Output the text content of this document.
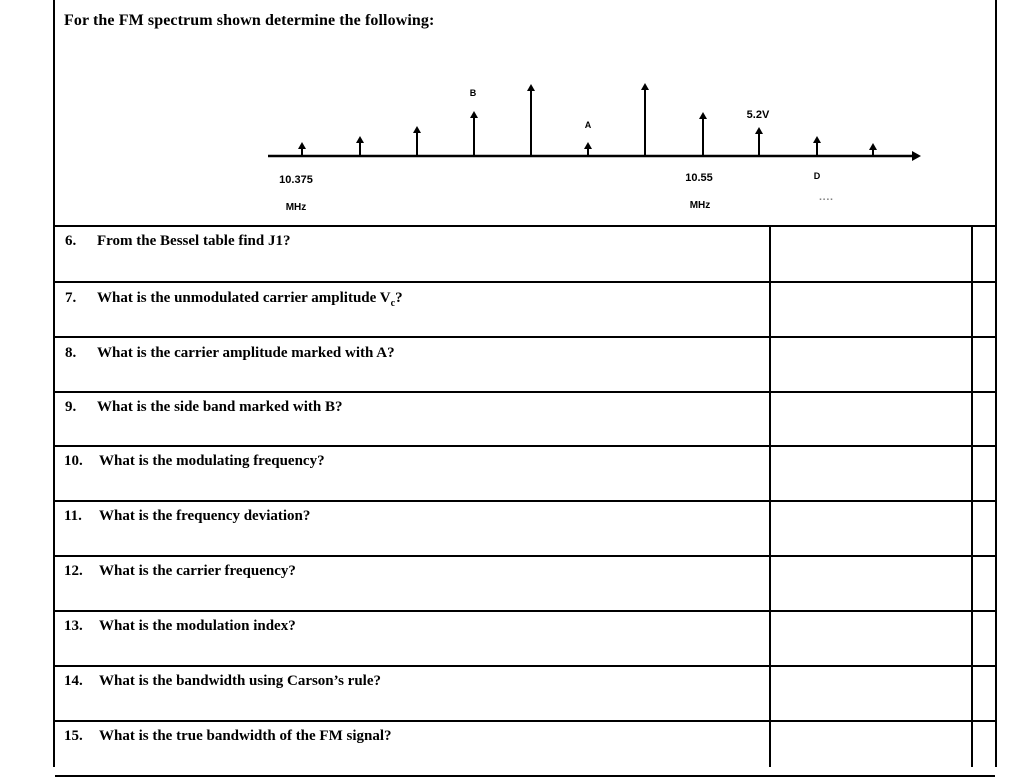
For the FM spectrum shown determine the following:
B
A
5.2V
10.375
MHz
10.55
MHz
D
- - - -
6. From the Bessel table find J1?
7. What is the unmodulated carrier amplitude $V_c$?
8. What is the carrier amplitude marked with A?
9. What is the side band marked with B?
10. What is the modulating frequency?
11. What is the frequency deviation?
12. What is the carrier frequency?
13. What is the modulation index?
14. What is the bandwidth using Carson’s rule?
15. What is the true bandwidth of the FM signal?
